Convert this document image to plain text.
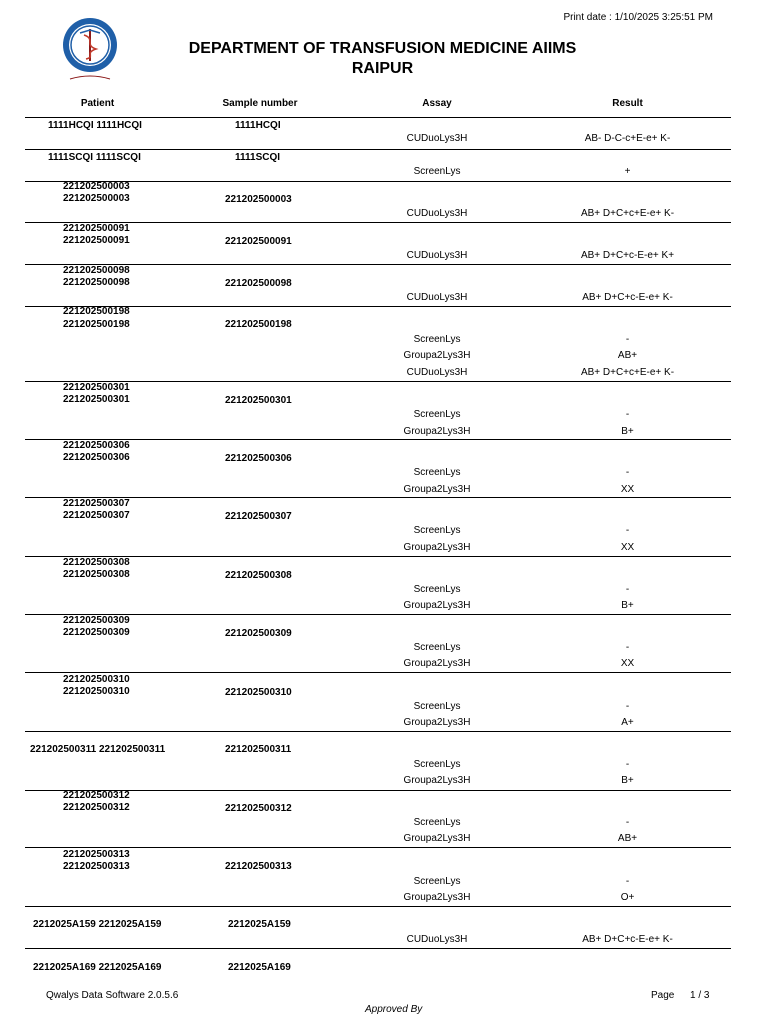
Print date : 1/10/2025 3:25:51 PM
DEPARTMENT OF TRANSFUSION MEDICINE AIIMS
RAIPUR
Patient	Sample number	Assay	Result
1111HCQI 1111HCQI	1111HCQI
CUDuoLys3H	AB- D-C-c+E-e+ K-
1111SCQI 1111SCQI	1111SCQI
ScreenLys	+
221202500003
221202500003	221202500003
CUDuoLys3H	AB+ D+C+c+E-e+ K-
221202500091
221202500091	221202500091
CUDuoLys3H	AB+ D+C+c-E-e+ K+
221202500098
221202500098	221202500098
CUDuoLys3H	AB+ D+C+c-E-e+ K-
221202500198
221202500198	221202500198
ScreenLys	-
Groupa2Lys3H	AB+
CUDuoLys3H	AB+ D+C+c+E-e+ K-
221202500301
221202500301	221202500301
ScreenLys	-
Groupa2Lys3H	B+
221202500306
221202500306	221202500306
ScreenLys	-
Groupa2Lys3H	XX
221202500307
221202500307	221202500307
ScreenLys	-
Groupa2Lys3H	XX
221202500308
221202500308	221202500308
ScreenLys	-
Groupa2Lys3H	B+
221202500309
221202500309	221202500309
ScreenLys	-
Groupa2Lys3H	XX
221202500310
221202500310	221202500310
ScreenLys	-
Groupa2Lys3H	A+
221202500311 221202500311	221202500311
ScreenLys	-
Groupa2Lys3H	B+
221202500312
221202500312	221202500312
ScreenLys	-
Groupa2Lys3H	AB+
221202500313
221202500313	221202500313
ScreenLys	-
Groupa2Lys3H	O+
2212025A159 2212025A159	2212025A159
CUDuoLys3H	AB+ D+C+c-E-e+ K-
2212025A169 2212025A169	2212025A169
Qwalys Data Software 2.0.5.6	Page 1 / 3
Approved By
